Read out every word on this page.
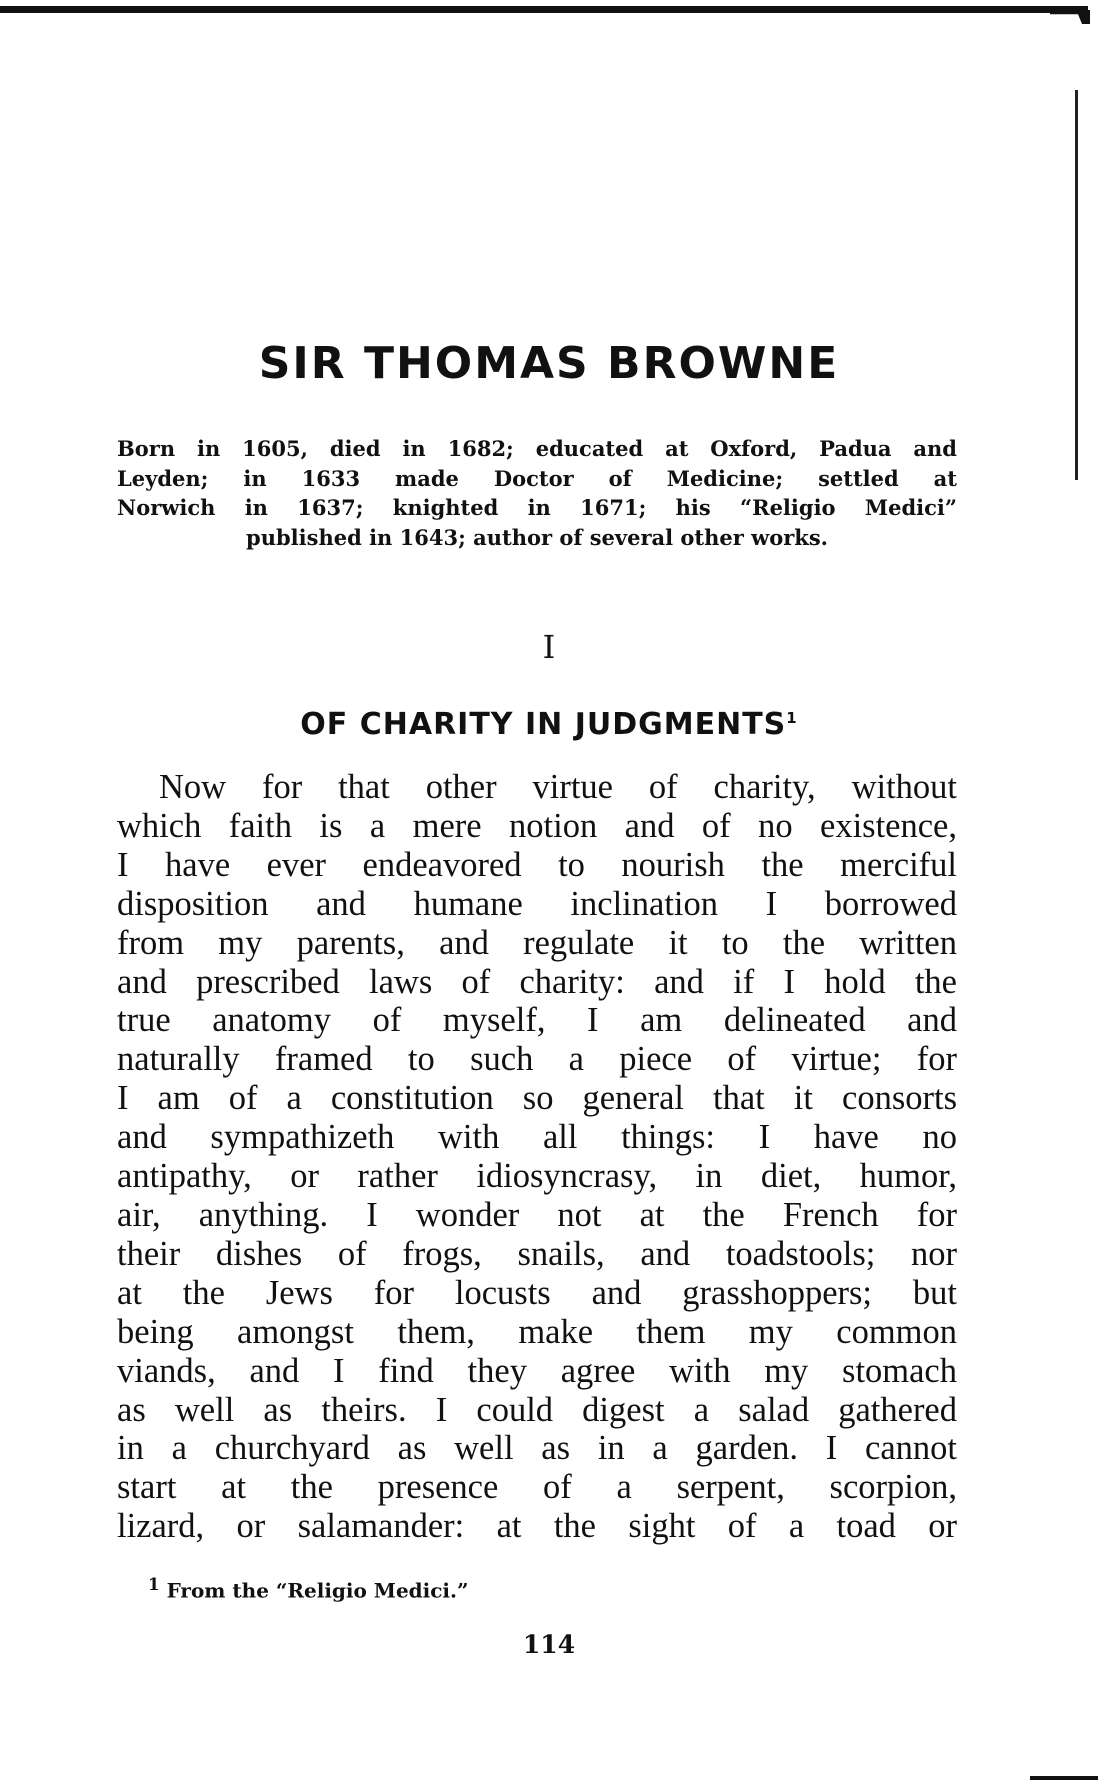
SIR THOMAS BROWNE
Born in 1605, died in 1682; educated at Oxford, Padua and
Leyden; in 1633 made Doctor of Medicine; settled at
Norwich in 1637; knighted in 1671; his “Religio Medici”
published in 1643; author of several other works.
I
OF CHARITY IN JUDGMENTS$^1$
Now for that other virtue of charity, without
which faith is a mere notion and of no existence,
I have ever endeavored to nourish the merciful
disposition and humane inclination I borrowed
from my parents, and regulate it to the written
and prescribed laws of charity: and if I hold the
true anatomy of myself, I am delineated and
naturally framed to such a piece of virtue; for
I am of a constitution so general that it consorts
and sympathizeth with all things: I have no
antipathy, or rather idiosyncrasy, in diet, humor,
air, anything. I wonder not at the French for
their dishes of frogs, snails, and toadstools; nor
at the Jews for locusts and grasshoppers; but
being amongst them, make them my common
viands, and I find they agree with my stomach
as well as theirs. I could digest a salad gathered
in a churchyard as well as in a garden. I cannot
start at the presence of a serpent, scorpion,
lizard, or salamander: at the sight of a toad or
$^1$ From the “Religio Medici.”
114
